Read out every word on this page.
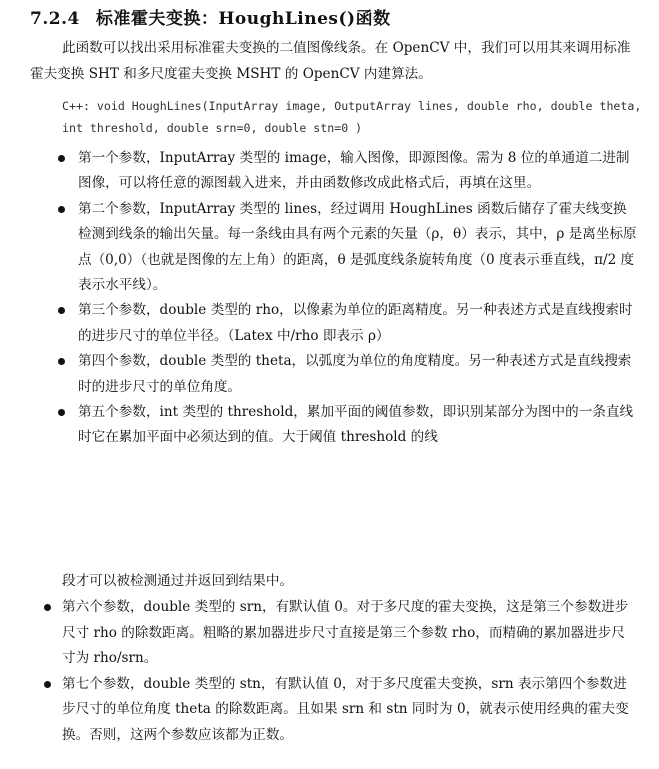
7.2.4 标准霍夫变换：HoughLines()函数
此函数可以找出采用标准霍夫变换的二值图像线条。在 OpenCV 中，我们可以用其来调用标准霍夫变换 SHT 和多尺度霍夫变换 MSHT 的 OpenCV 内建算法。
C++: void HoughLines(InputArray image, OutputArray lines, double rho, double theta, int threshold, double srn=0, double stn=0 )
第一个参数，InputArray 类型的 image，输入图像，即源图像。需为 8 位的单通道二进制图像，可以将任意的源图载入进来，并由函数修改成此格式后，再填在这里。
第二个参数，InputArray 类型的 lines，经过调用 HoughLines 函数后储存了霍夫线变换检测到线条的输出矢量。每一条线由具有两个元素的矢量（ρ，θ）表示，其中，ρ 是离坐标原点（0,0）（也就是图像的左上角）的距离，θ 是弧度线条旋转角度（0 度表示垂直线，π/2 度表示水平线）。
第三个参数，double 类型的 rho，以像素为单位的距离精度。另一种表述方式是直线搜索时的进步尺寸的单位半径。（Latex 中/rho 即表示 ρ）
第四个参数，double 类型的 theta，以弧度为单位的角度精度。另一种表述方式是直线搜索时的进步尺寸的单位角度。
第五个参数，int 类型的 threshold，累加平面的阈值参数，即识别某部分为图中的一条直线时它在累加平面中必须达到的值。大于阈值 threshold 的线
段才可以被检测通过并返回到结果中。
第六个参数，double 类型的 srn，有默认值 0。对于多尺度的霍夫变换，这是第三个参数进步尺寸 rho 的除数距离。粗略的累加器进步尺寸直接是第三个参数 rho，而精确的累加器进步尺寸为 rho/srn。
第七个参数，double 类型的 stn，有默认值 0，对于多尺度霍夫变换，srn 表示第四个参数进步尺寸的单位角度 theta 的除数距离。且如果 srn 和 stn 同时为 0，就表示使用经典的霍夫变换。否则，这两个参数应该都为正数。
